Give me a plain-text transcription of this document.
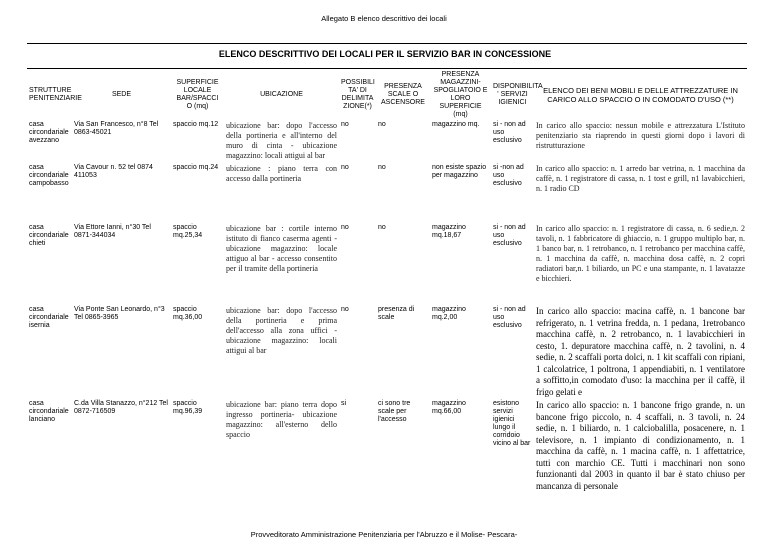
Allegato B elenco descrittivo dei locali
ELENCO DESCRITTIVO DEI LOCALI PER IL SERVIZIO BAR IN CONCESSIONE
STRUTTURE PENITENZIARIE	SEDE	SUPERFICIE LOCALE BAR/SPACCI O (mq)	UBICAZIONE	POSSIBILI TA' DI DELIMITA ZIONE(*)	PRESENZA SCALE O ASCENSORE	PRESENZA MAGAZZINI-SPOGLIATOIO E LORO SUPERFICIE (mq)	DISPONIBILITA ' SERVIZI IGIENICI	ELENCO DEI BENI MOBILI E DELLE ATTREZZATURE IN CARICO ALLO SPACCIO O IN COMODATO D'USO (**)
casa circondariale avezzano	Via San Francesco, n°8 Tel 0863-45021	spaccio mq.12	ubicazione bar: dopo l'accesso della portineria e all'interno del muro di cinta - ubicazione magazzino: locali attigui al bar	no	no	magazzino mq.	si - non ad uso esclusivo	In carico allo spaccio: nessun mobile e attrezzatura L'Istituto penitenziario sta riaprendo in questi giorni dopo i lavori di ristrutturazione
casa circondariale campobasso	Via Cavour n. 52 tel 0874 411053	spaccio mq.24	ubicazione : piano terra con accesso dalla portineria	no	no	non esiste spazio per magazzino	si -non ad uso esclusivo	In carico allo spaccio: n. 1 arredo bar vetrina, n. 1 macchina da caffè, n. 1 registratore di cassa, n. 1 tost e grill, n1 lavabicchieri, n. 1 radio CD
casa circondariale chieti	Via Ettore Ianni, n°30 Tel 0871-344034	spaccio mq.25,34	ubicazione bar : cortile interno istituto di fianco caserma agenti -ubicazione magazzino: locale attiguo al bar - accesso consentito per il tramite della portineria	no	no	magazzino mq.18,67	si - non ad uso esclusivo	In carico allo spaccio: n. 1 registratore di cassa, n. 6 sedie,n. 2 tavoli, n. 1 fabbricatore di ghiaccio, n. 1 gruppo multiplo bar, n. 1 banco bar, n. 1 retrobanco, n. 1 retrobanco per macchina caffè, n. 1 macchina da caffè, n. macchina dosa caffè, n. 2 copri radiatori bar,n. 1 biliardo, un PC e una stampante, n. 1 lavatazze e bicchieri.
casa circondariale isernia	Via Ponte San Leonardo, n°3 Tel 0865-3965	spaccio mq.36,00	ubicazione bar: dopo l'accesso della portineria e prima dell'accesso alla zona uffici - ubicazione magazzino: locali attigui al bar	no	presenza di scale	magazzino mq.2,00	si - non ad uso esclusivo	In carico allo spaccio: macina caffè, n. 1 bancone bar refrigerato, n. 1 vetrina fredda, n. 1 pedana, 1retrobanco macchina caffè, n. 2 retrobanco, n. 1 lavabicchieri in cesto, 1. depuratore macchina caffè, n. 2 tavolini, n. 4 sedie, n. 2 scaffali porta dolci, n. 1 kit scaffali con ripiani, 1 calcolatrice, 1 poltrona, 1 appendiabiti, n. 1 ventilatore a soffitto,in comodato d'uso: la macchina per il caffè, il frigo gelati e
casa circondariale lanciano	C.da Villa Stanazzo, n°212 Tel 0872-716509	spaccio mq.96,39	ubicazione bar: piano terra dopo ingresso portineria- ubicazione magazzino: all'esterno dello spaccio	si	ci sono tre scale per l'accesso	magazzino mq.66,00	esistono servizi igienici lungo il corridoio vicino al bar	In carico allo spaccio: n. 1 bancone frigo grande, n. un bancone frigo piccolo, n. 4 scaffali, n. 3 tavoli, n. 24 sedie, n. 1 biliardo, n. 1 calciobalilla, posacenere, n. 1 televisore, n. 1 impianto di condizionamento, n. 1 macchina da caffè, n. 1 macina caffè, n. 1 affettatrice, tutti con marchio CE. Tutti i macchinari non sono funzionanti dal 2003 in quanto il bar è stato chiuso per mancanza di personale
Provveditorato Amministrazione Penitenziaria per l'Abruzzo e il Molise- Pescara-
